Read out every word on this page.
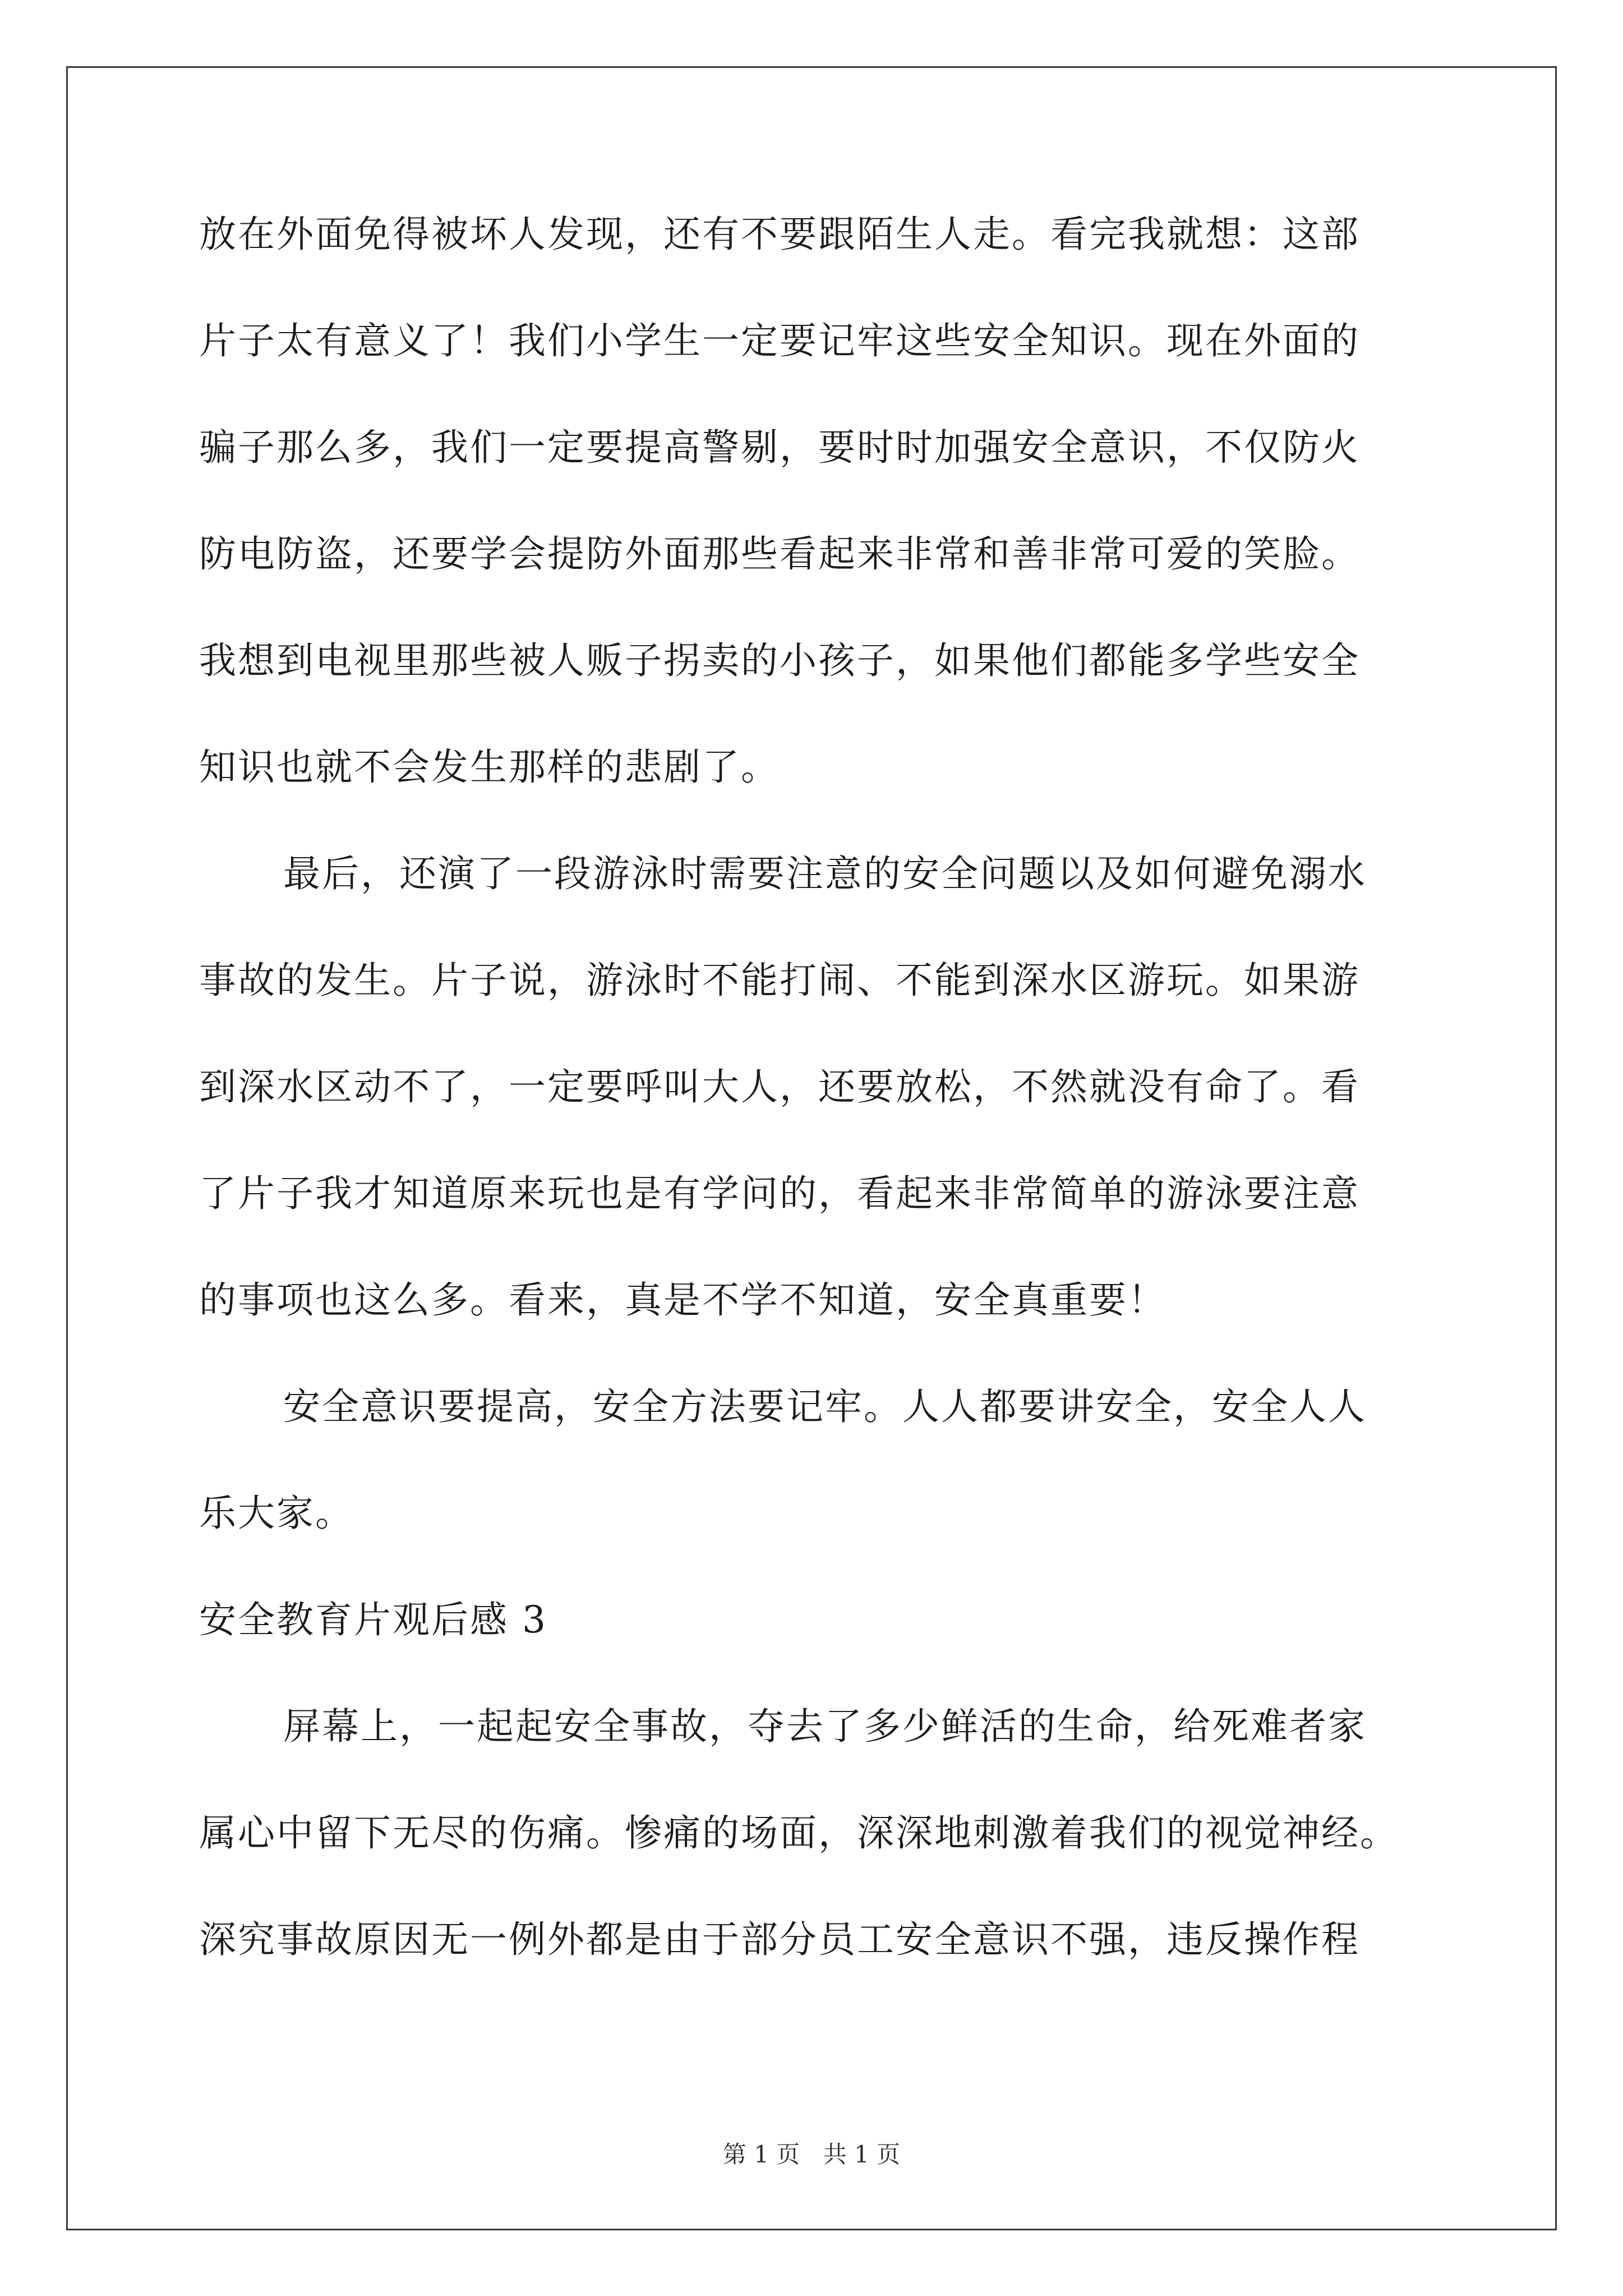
放在外面免得被坏人发现，还有不要跟陌生人走。看完我就想：这部
片子太有意义了！我们小学生一定要记牢这些安全知识。现在外面的
骗子那么多，我们一定要提高警剔，要时时加强安全意识，不仅防火
防电防盗，还要学会提防外面那些看起来非常和善非常可爱的笑脸。
我想到电视里那些被人贩子拐卖的小孩子，如果他们都能多学些安全
知识也就不会发生那样的悲剧了。
最后，还演了一段游泳时需要注意的安全问题以及如何避免溺水
事故的发生。片子说，游泳时不能打闹、不能到深水区游玩。如果游
到深水区动不了，一定要呼叫大人，还要放松，不然就没有命了。看
了片子我才知道原来玩也是有学问的，看起来非常简单的游泳要注意
的事项也这么多。看来，真是不学不知道，安全真重要！
安全意识要提高，安全方法要记牢。人人都要讲安全，安全人人
乐大家。
安全教育片观后感 3
屏幕上，一起起安全事故，夺去了多少鲜活的生命，给死难者家
属心中留下无尽的伤痛。惨痛的场面，深深地刺激着我们的视觉神经。
深究事故原因无一例外都是由于部分员工安全意识不强，违反操作程
第 1 页 共 1 页
